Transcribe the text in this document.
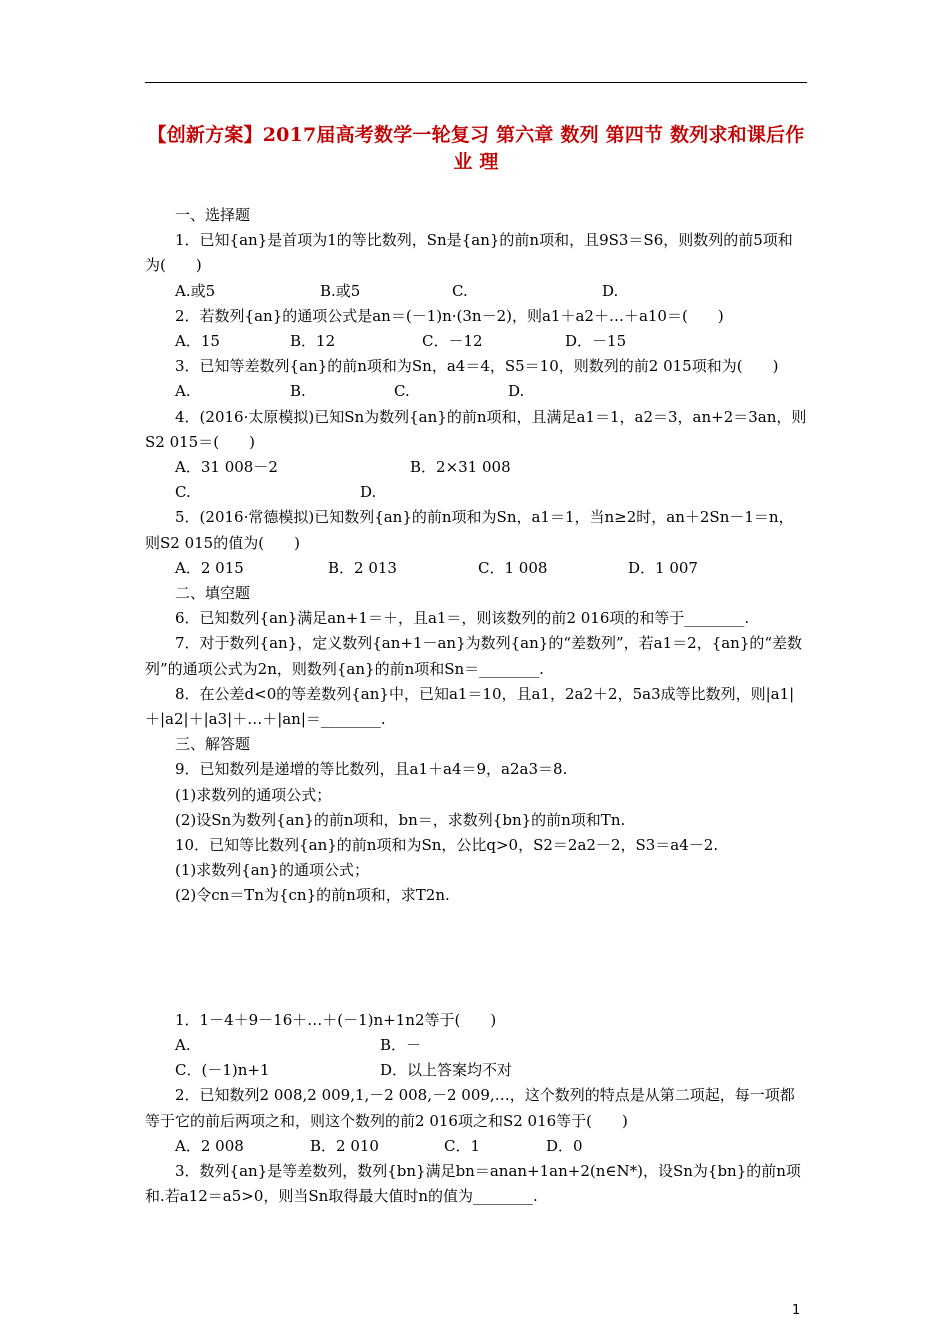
【创新方案】2017届高考数学一轮复习 第六章 数列 第四节 数列求和课后作业 理

一、选择题

1．已知{an}是首项为1的等比数列，Sn是{an}的前n项和，且9S3＝S6，则数列的前5项和为(　　)

A.或5	B.或5	C.	D.

2．若数列{an}的通项公式是an＝(－1)n·(3n－2)，则a1＋a2＋…＋a10＝(　　)

A．15	B．12	C．－12	D．－15

3．已知等差数列{an}的前n项和为Sn，a4＝4，S5＝10，则数列的前2 015项和为(　　)

A.	B.	C.	D.

4．(2016·太原模拟)已知Sn为数列{an}的前n项和，且满足a1＝1，a2＝3，an+2＝3an，则S2 015＝(　　)

A．31 008－2	B．2×31 008
C.	D.

5．(2016·常德模拟)已知数列{an}的前n项和为Sn，a1＝1，当n≥2时，an＋2Sn－1＝n，则S2 015的值为(　　)

A．2 015	B．2 013	C．1 008	D．1 007

二、填空题

6．已知数列{an}满足an+1＝＋，且a1＝，则该数列的前2 016项的和等于________.

7．对于数列{an}，定义数列{an+1－an}为数列{an}的“差数列”，若a1＝2，{an}的“差数列”的通项公式为2n，则数列{an}的前n项和Sn＝________.

8．在公差d<0的等差数列{an}中，已知a1＝10，且a1，2a2＋2，5a3成等比数列，则|a1|＋|a2|＋|a3|＋…＋|an|＝________.

三、解答题

9．已知数列是递增的等比数列，且a1＋a4＝9，a2a3＝8.

(1)求数列的通项公式；

(2)设Sn为数列{an}的前n项和，bn＝，求数列{bn}的前n项和Tn.

10．已知等比数列{an}的前n项和为Sn，公比q>0，S2＝2a2－2，S3＝a4－2.

(1)求数列{an}的通项公式；

(2)令cn＝Tn为{cn}的前n项和，求T2n.

1．1－4＋9－16＋…＋(－1)n+1n2等于(　　)

A.	B．－
C．(－1)n+1	D．以上答案均不对

2．已知数列2 008,2 009,1,－2 008,－2 009,…，这个数列的特点是从第二项起，每一项都等于它的前后两项之和，则这个数列的前2 016项之和S2 016等于(　　)

A．2 008	B．2 010	C．1	D．0

3．数列{an}是等差数列，数列{bn}满足bn＝anan+1an+2(n∈N*)，设Sn为{bn}的前n项和.若a12＝a5>0，则当Sn取得最大值时n的值为________.

1
